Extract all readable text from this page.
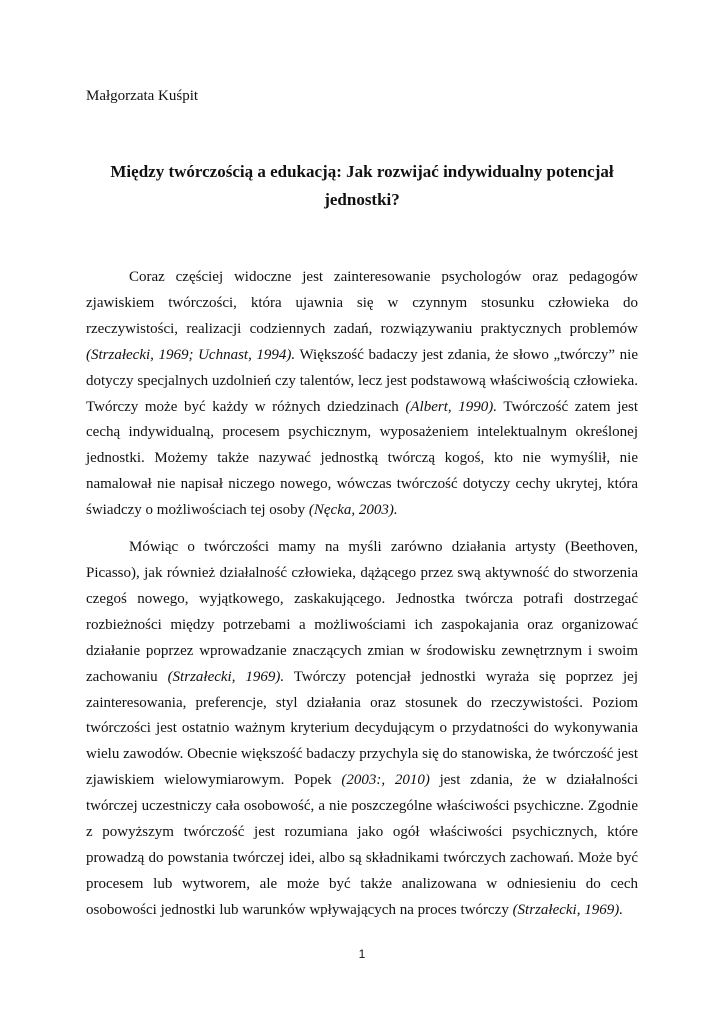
Małgorzata Kuśpit
Między twórczością a edukacją: Jak rozwijać indywidualny potencjał jednostki?

Coraz częściej widoczne jest zainteresowanie psychologów oraz pedagogów zjawiskiem twórczości, która ujawnia się w czynnym stosunku człowieka do rzeczywistości, realizacji codziennych zadań, rozwiązywaniu praktycznych problemów (Strzałecki, 1969; Uchnast, 1994). Większość badaczy jest zdania, że słowo „twórczy” nie dotyczy specjalnych uzdolnień czy talentów, lecz jest podstawową właściwością człowieka. Twórczy może być każdy w różnych dziedzinach (Albert, 1990). Twórczość zatem jest cechą indywidualną, procesem psychicznym, wyposażeniem intelektualnym określonej jednostki. Możemy także nazywać jednostką twórczą kogoś, kto nie wymyślił, nie namalował nie napisał niczego nowego, wówczas twórczość dotyczy cechy ukrytej, która świadczy o możliwościach tej osoby (Nęcka, 2003).

Mówiąc o twórczości mamy na myśli zarówno działania artysty (Beethoven, Picasso), jak również działalność człowieka, dążącego przez swą aktywność do stworzenia czegoś nowego, wyjątkowego, zaskakującego. Jednostka twórcza potrafi dostrzegać rozbieżności między potrzebami a możliwościami ich zaspokajania oraz organizować działanie poprzez wprowadzanie znaczących zmian w środowisku zewnętrznym i swoim zachowaniu (Strzałecki, 1969). Twórczy potencjał jednostki wyraża się poprzez jej zainteresowania, preferencje, styl działania oraz stosunek do rzeczywistości. Poziom twórczości jest ostatnio ważnym kryterium decydującym o przydatności do wykonywania wielu zawodów. Obecnie większość badaczy przychyla się do stanowiska, że twórczość jest zjawiskiem wielowymiarowym. Popek (2003:, 2010) jest zdania, że w działalności twórczej uczestniczy cała osobowość, a nie poszczególne właściwości psychiczne. Zgodnie z powyższym twórczość jest rozumiana jako ogół właściwości psychicznych, które prowadzą do powstania twórczej idei, albo są składnikami twórczych zachowań. Może być procesem lub wytworem, ale może być także analizowana w odniesieniu do cech osobowości jednostki lub warunków wpływających na proces twórczy (Strzałecki, 1969).

1
